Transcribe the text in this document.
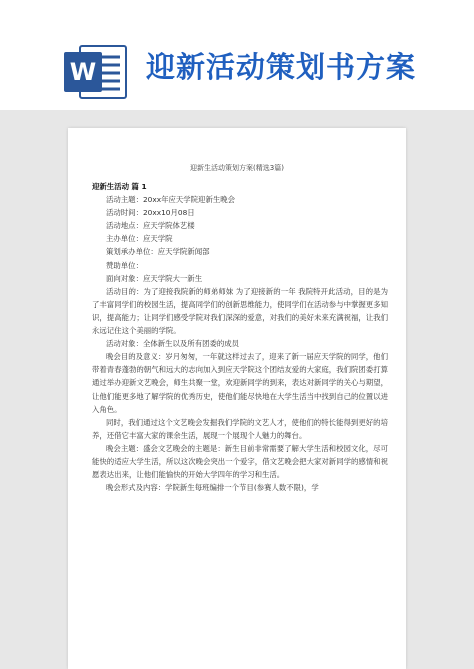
W 迎新活动策划书方案
迎新生活动策划方案(精选3篇)

迎新生活动 篇 1

活动主题：20xx年应天学院迎新生晚会

活动时间：20xx10月08日

活动地点：应天学院体艺楼

主办单位：应天学院

策划承办单位：应天学院新闻部

赞助单位：

面向对象：应天学院大一新生

活动目的：为了迎接我院新的师弟师妹 为了迎接新的一年 我院特开此活动，目的是为了丰富同学们的校园生活，提高同学们的创新思维能力，使同学们在活动参与中掌握更多知识，提高能力；让同学们感受学院对我们深深的爱意，对我们的美好未来充满祝福，让我们永远记住这个美丽的学院。

活动对象：全体新生以及所有团委的成员

晚会目的及意义：岁月匆匆，一年就这样过去了，迎来了新一届应天学院的同学，他们带着青春蓬勃的朝气和远大的志向加入到应天学院这个团结友爱的大家庭，我们院团委打算通过举办迎新文艺晚会，师生共聚一堂，欢迎新同学的到来，表达对新同学的关心与期望，让他们能更多地了解学院的优秀历史，使他们能尽快地在大学生活当中找到自己的位置以进入角色。

同时，我们通过这个文艺晚会发掘我们学院的文艺人才，使他们的特长能得到更好的培养，还借它丰富大家的课余生活，展现一个展现个人魅力的舞台。

晚会主题：盛会文艺晚会的主题是：新生目前非常需要了解大学生活和校园文化，尽可能快的适应大学生活，所以这次晚会突出一个爱字，借文艺晚会把大家对新同学的感情和祝愿表达出来，让他们能愉快的开始大学四年的学习和生活。

晚会形式及内容：学院新生每班编排一个节目(参赛人数不限)，学
